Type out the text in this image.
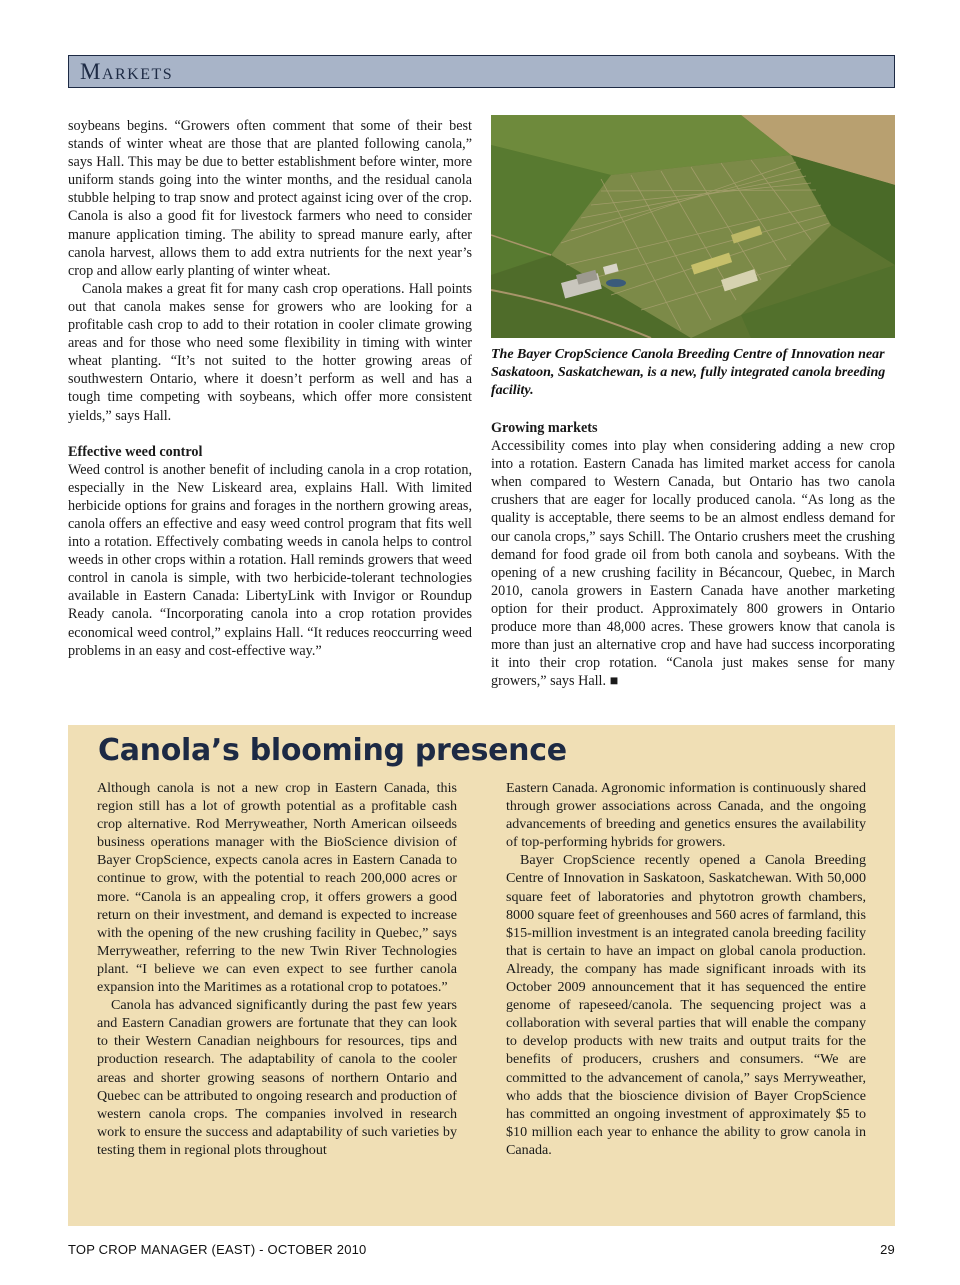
Markets

soybeans begins. “Growers often comment that some of their best stands of winter wheat are those that are planted following canola,” says Hall. This may be due to better establishment before winter, more uniform stands going into the winter months, and the residual canola stubble helping to trap snow and protect against icing over of the crop. Canola is also a good fit for livestock farmers who need to consider manure application timing. The ability to spread manure early, after canola harvest, allows them to add extra nutrients for the next year’s crop and allow early planting of winter wheat.

Canola makes a great fit for many cash crop operations. Hall points out that canola makes sense for growers who are looking for a profitable cash crop to add to their rotation in cooler climate growing areas and for those who need some flexibility in timing with winter wheat planting. “It’s not suited to the hotter growing areas of southwestern Ontario, where it doesn’t perform as well and has a tough time competing with soybeans, which offer more consistent yields,” says Hall.

Effective weed control

Weed control is another benefit of including canola in a crop rotation, especially in the New Liskeard area, explains Hall. With limited herbicide options for grains and forages in the northern growing areas, canola offers an effective and easy weed control program that fits well into a rotation. Effectively combating weeds in canola helps to control weeds in other crops within a rotation. Hall reminds growers that weed control in canola is simple, with two herbicide-tolerant technologies available in Eastern Canada: LibertyLink with Invigor or Roundup Ready canola. “Incorporating canola into a crop rotation provides economical weed control,” explains Hall. “It reduces reoccurring weed problems in an easy and cost-effective way.”

The Bayer CropScience Canola Breeding Centre of Innovation near Saskatoon, Saskatchewan, is a new, fully integrated canola breeding facility.
Growing markets

Accessibility comes into play when considering adding a new crop into a rotation. Eastern Canada has limited market access for canola when compared to Western Canada, but Ontario has two canola crushers that are eager for locally produced canola. “As long as the quality is acceptable, there seems to be an almost endless demand for our canola crops,” says Schill. The Ontario crushers meet the crushing demand for food grade oil from both canola and soybeans. With the opening of a new crushing facility in Bécancour, Quebec, in March 2010, canola growers in Eastern Canada have another marketing option for their product. Approximately 800 growers in Ontario produce more than 48,000 acres. These growers know that canola is more than just an alternative crop and have had success incorporating it into their crop rotation. “Canola just makes sense for many growers,” says Hall. ■

Canola’s blooming presence

Although canola is not a new crop in Eastern Canada, this region still has a lot of growth potential as a profitable cash crop alternative. Rod Merryweather, North American oilseeds business operations manager with the BioScience division of Bayer CropScience, expects canola acres in Eastern Canada to continue to grow, with the potential to reach 200,000 acres or more. “Canola is an appealing crop, it offers growers a good return on their investment, and demand is expected to increase with the opening of the new crushing facility in Quebec,” says Merryweather, referring to the new Twin River Technologies plant. “I believe we can even expect to see further canola expansion into the Maritimes as a rotational crop to potatoes.”

Canola has advanced significantly during the past few years and Eastern Canadian growers are fortunate that they can look to their Western Canadian neighbours for resources, tips and production research. The adaptability of canola to the cooler areas and shorter growing seasons of northern Ontario and Quebec can be attributed to ongoing research and production of western canola crops. The companies involved in research work to ensure the success and adaptability of such varieties by testing them in regional plots throughout

Eastern Canada. Agronomic information is continuously shared through grower associations across Canada, and the ongoing advancements of breeding and genetics ensures the availability of top-performing hybrids for growers.

Bayer CropScience recently opened a Canola Breeding Centre of Innovation in Saskatoon, Saskatchewan. With 50,000 square feet of laboratories and phytotron growth chambers, 8000 square feet of greenhouses and 560 acres of farmland, this $15-million investment is an integrated canola breeding facility that is certain to have an impact on global canola production. Already, the company has made significant inroads with its October 2009 announcement that it has sequenced the entire genome of rapeseed/canola. The sequencing project was a collaboration with several parties that will enable the company to develop products with new traits and output traits for the benefits of producers, crushers and consumers. “We are committed to the advancement of canola,” says Merryweather, who adds that the bioscience division of Bayer CropScience has committed an ongoing investment of approximately $5 to $10 million each year to enhance the ability to grow canola in Canada.

TOP CROP MANAGER (EAST) - OCTOBER 2010	29
